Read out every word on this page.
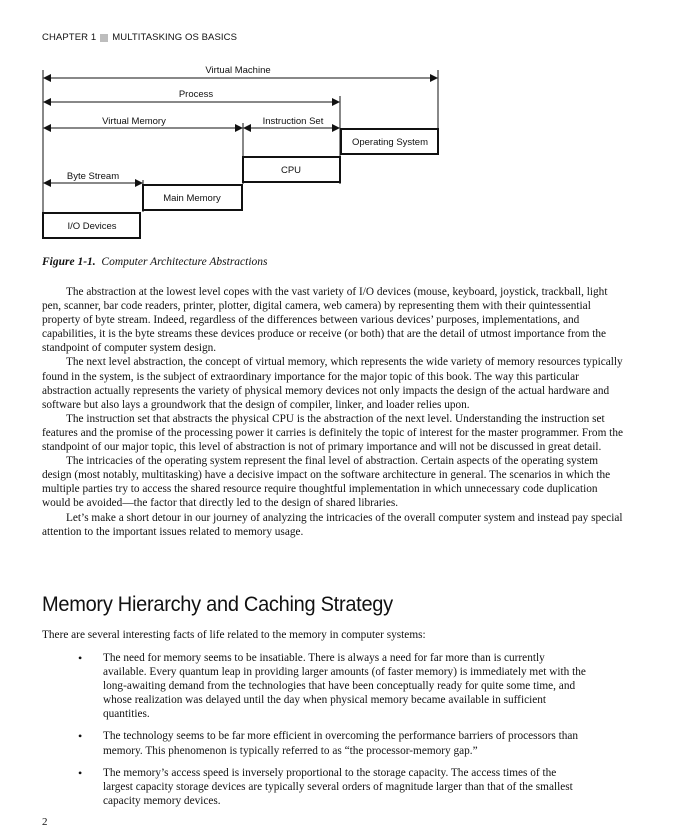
CHAPTER 1 MULTITASKING OS BASICS
Virtual Machine
Process
Virtual Memory	Instruction Set
Byte Stream
Operating System
CPU
Main Memory
I/O Devices
Figure 1-1. Computer Architecture Abstractions

The abstraction at the lowest level copes with the vast variety of I/O devices (mouse, keyboard, joystick, trackball, light pen, scanner, bar code readers, printer, plotter, digital camera, web camera) by representing them with their quintessential property of byte stream. Indeed, regardless of the differences between various devices’ purposes, implementations, and capabilities, it is the byte streams these devices produce or receive (or both) that are the detail of utmost importance from the standpoint of computer system design.

The next level abstraction, the concept of virtual memory, which represents the wide variety of memory resources typically found in the system, is the subject of extraordinary importance for the major topic of this book. The way this particular abstraction actually represents the variety of physical memory devices not only impacts the design of the actual hardware and software but also lays a groundwork that the design of compiler, linker, and loader relies upon.

The instruction set that abstracts the physical CPU is the abstraction of the next level. Understanding the instruction set features and the promise of the processing power it carries is definitely the topic of interest for the master programmer. From the standpoint of our major topic, this level of abstraction is not of primary importance and will not be discussed in great detail.

The intricacies of the operating system represent the final level of abstraction. Certain aspects of the operating system design (most notably, multitasking) have a decisive impact on the software architecture in general. The scenarios in which the multiple parties try to access the shared resource require thoughtful implementation in which unnecessary code duplication would be avoided—the factor that directly led to the design of shared libraries.

Let’s make a short detour in our journey of analyzing the intricacies of the overall computer system and instead pay special attention to the important issues related to memory usage.

Memory Hierarchy and Caching Strategy
There are several interesting facts of life related to the memory in computer systems:
•	The need for memory seems to be insatiable. There is always a need for far more than is currently available. Every quantum leap in providing larger amounts (of faster memory) is immediately met with the long-awaiting demand from the technologies that have been conceptually ready for quite some time, and whose realization was delayed until the day when physical memory became available in sufficient quantities.
•	The technology seems to be far more efficient in overcoming the performance barriers of processors than memory. This phenomenon is typically referred to as “the processor-memory gap.”
•	The memory’s access speed is inversely proportional to the storage capacity. The access times of the largest capacity storage devices are typically several orders of magnitude larger than that of the smallest capacity memory devices.
2
